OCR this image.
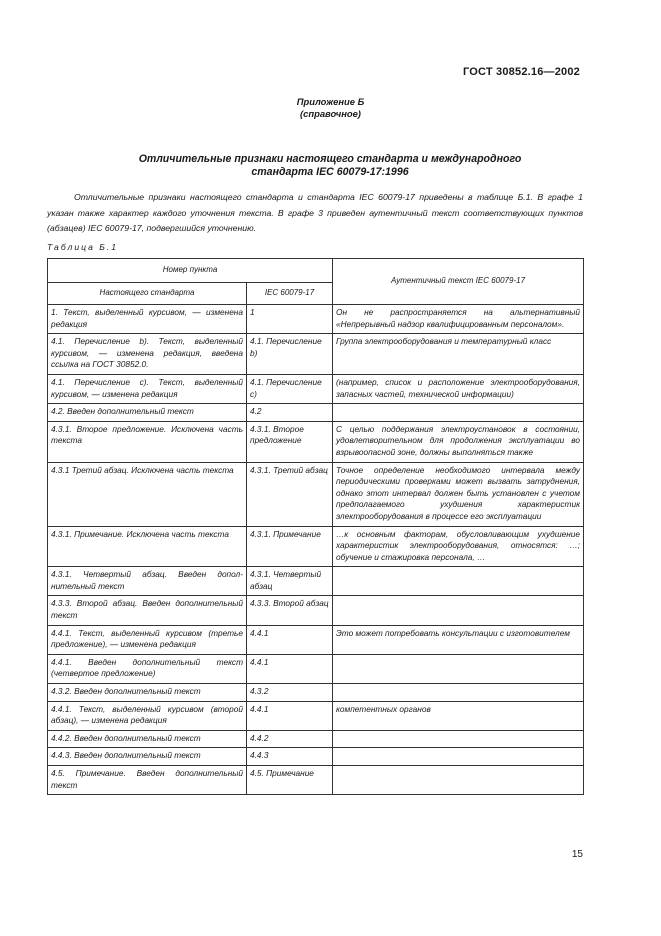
ГОСТ 30852.16—2002
Приложение Б
(справочное)
Отличительные признаки настоящего стандарта и международного
стандарта IEC 60079-17:1996

Отличительные признаки настоящего стандарта и стандарта IEC 60079-17 приведены в таблице Б.1. В графе 1 указан также характер каждого уточнения текста. В графе 3 приведен аутентичный текст соответствующих пунктов (абзацев) IEC 60079-17, подвергшийся уточнению.

Таблица Б.1
Номер пункта		Аутентичный текст IEC 60079-17
Настоящего стандарта	IEC 60079-17	
1. Текст, выделенный курсивом, — изменена редакция	1	Он не распространяется на альтернативный «Непрерывный надзор квалифицированным персоналом».
4.1. Перечисление b). Текст, выделенный курсивом, — изменена редакция, введена ссылка на ГОСТ 30852.0.	4.1. Перечисление b)	Группа электрооборудования и температурный класс
4.1. Перечисление с). Текст, выделенный курсивом, — изменена редакция	4.1. Перечисление с)	(например, список и расположение электрооборудования, запасных частей, технической информации)
4.2. Введен дополнительный текст	4.2	
4.3.1. Второе предложение. Исключена часть текста	4.3.1. Второе предложение	С целью поддержания электроустановок в состоянии, удовлетворительном для продолжения эксплуатации во взрывоопасной зоне, должны выполняться также
4.3.1 Третий абзац. Исключена часть текста	4.3.1. Третий абзац	Точное определение необходимого интервала между периодическими проверками может вызвать затруднения, однако этот интервал должен быть установлен с учетом предполагаемого ухудшения характеристик электрооборудования в процессе его эксплуатации
4.3.1. Примечание. Исключена часть текста	4.3.1. Примечание	…к основным факторам, обусловливающим ухудшение характеристик электрооборудования, относятся: …; обучение и стажировка персонала, …
4.3.1. Четвертый абзац. Введен дополнительный текст	4.3.1. Четвертый абзац	
4.3.3. Второй абзац. Введен дополнительный текст	4.3.3. Второй абзац	
4.4.1. Текст, выделенный курсивом (третье предложение), — изменена редакция	4.4.1	Это может потребовать консультации с изготовителем
4.4.1. Введен дополнительный текст (четвертое предложение)	4.4.1	
4.3.2. Введен дополнительный текст	4.3.2	
4.4.1. Текст, выделенный курсивом (второй абзац), — изменена редакция	4.4.1	компетентных органов
4.4.2. Введен дополнительный текст	4.4.2	
4.4.3. Введен дополнительный текст	4.4.3	
4.5. Примечание. Введен дополнительный текст	4.5. Примечание	
15
